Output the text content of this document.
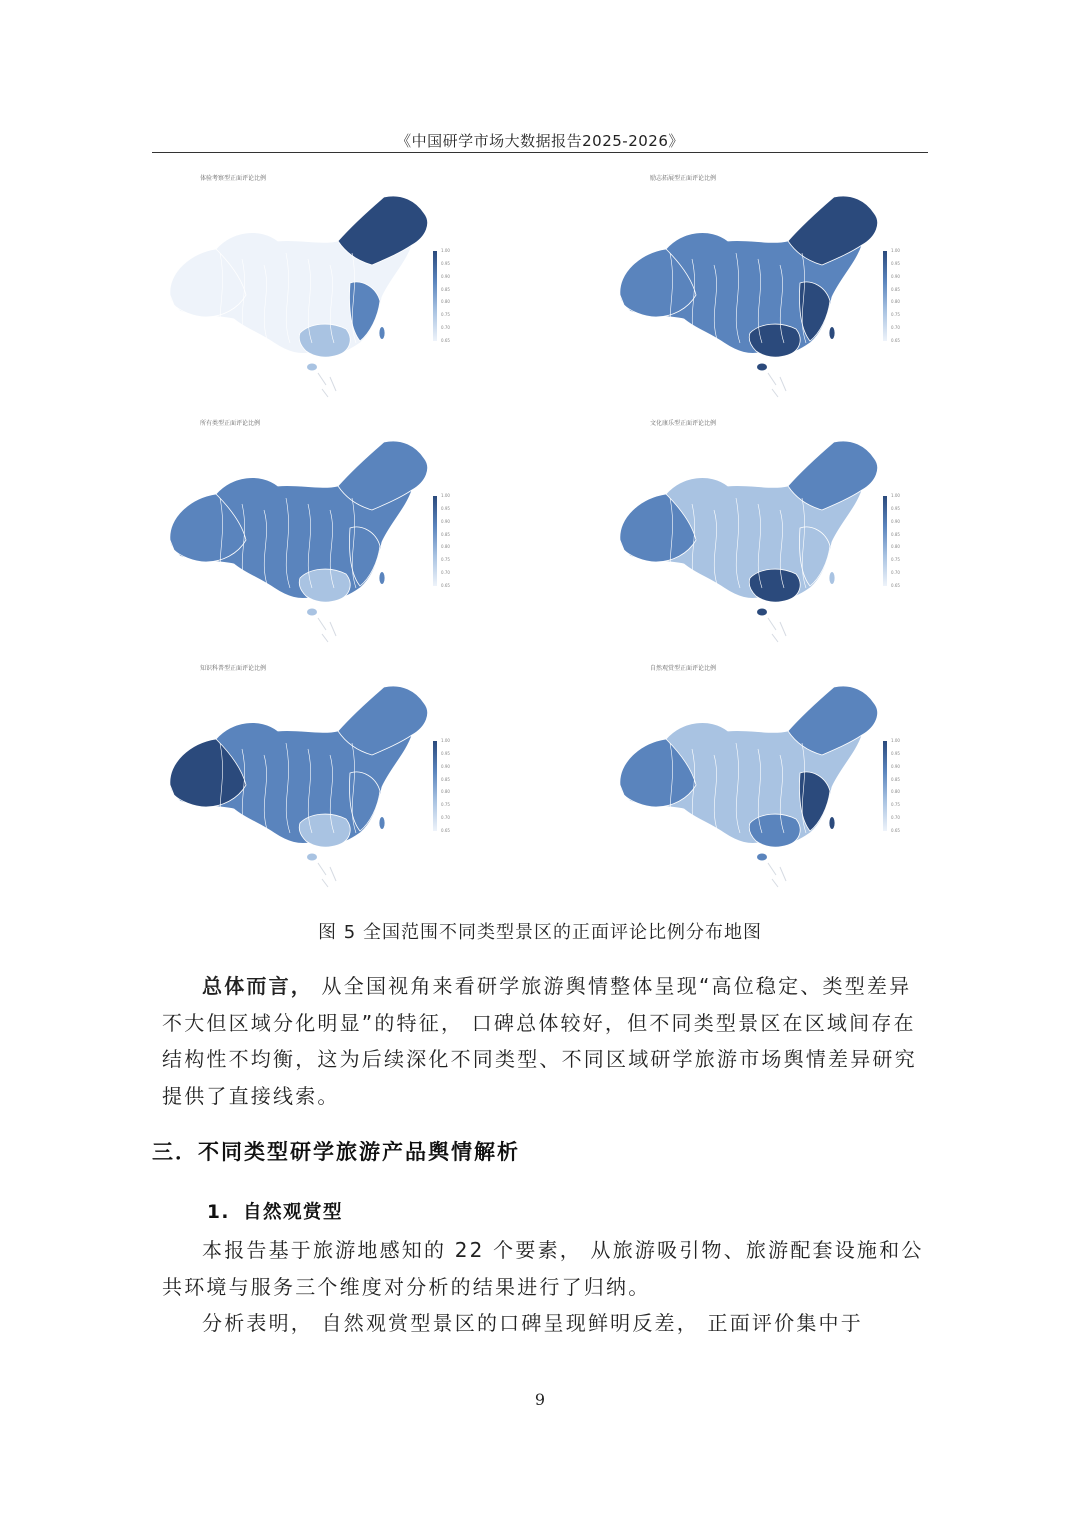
《中国研学市场大数据报告2025-2026》
体验考察型正面评论比例
1.00
0.95
0.90
0.85
0.80
0.75
0.70
0.65
励志拓展型正面评论比例
1.00
0.95
0.90
0.85
0.80
0.75
0.70
0.65
所有类型正面评论比例
1.00
0.95
0.90
0.85
0.80
0.75
0.70
0.65
文化康乐型正面评论比例
1.00
0.95
0.90
0.85
0.80
0.75
0.70
0.65
知识科普型正面评论比例
1.00
0.95
0.90
0.85
0.80
0.75
0.70
0.65
自然观赏型正面评论比例
1.00
0.95
0.90
0.85
0.80
0.75
0.70
0.65
图 5 全国范围不同类型景区的正面评论比例分布地图
总体而言， 从全国视角来看研学旅游舆情整体呈现“高位稳定、类型差异不大但区域分化明显”的特征， 口碑总体较好，但不同类型景区在区域间存在结构性不均衡，这为后续深化不同类型、不同区域研学旅游市场舆情差异研究提供了直接线索。
三．不同类型研学旅游产品舆情解析
1. 自然观赏型
本报告基于旅游地感知的 22 个要素， 从旅游吸引物、旅游配套设施和公共环境与服务三个维度对分析的结果进行了归纳。
分析表明， 自然观赏型景区的口碑呈现鲜明反差， 正面评价集中于
9
